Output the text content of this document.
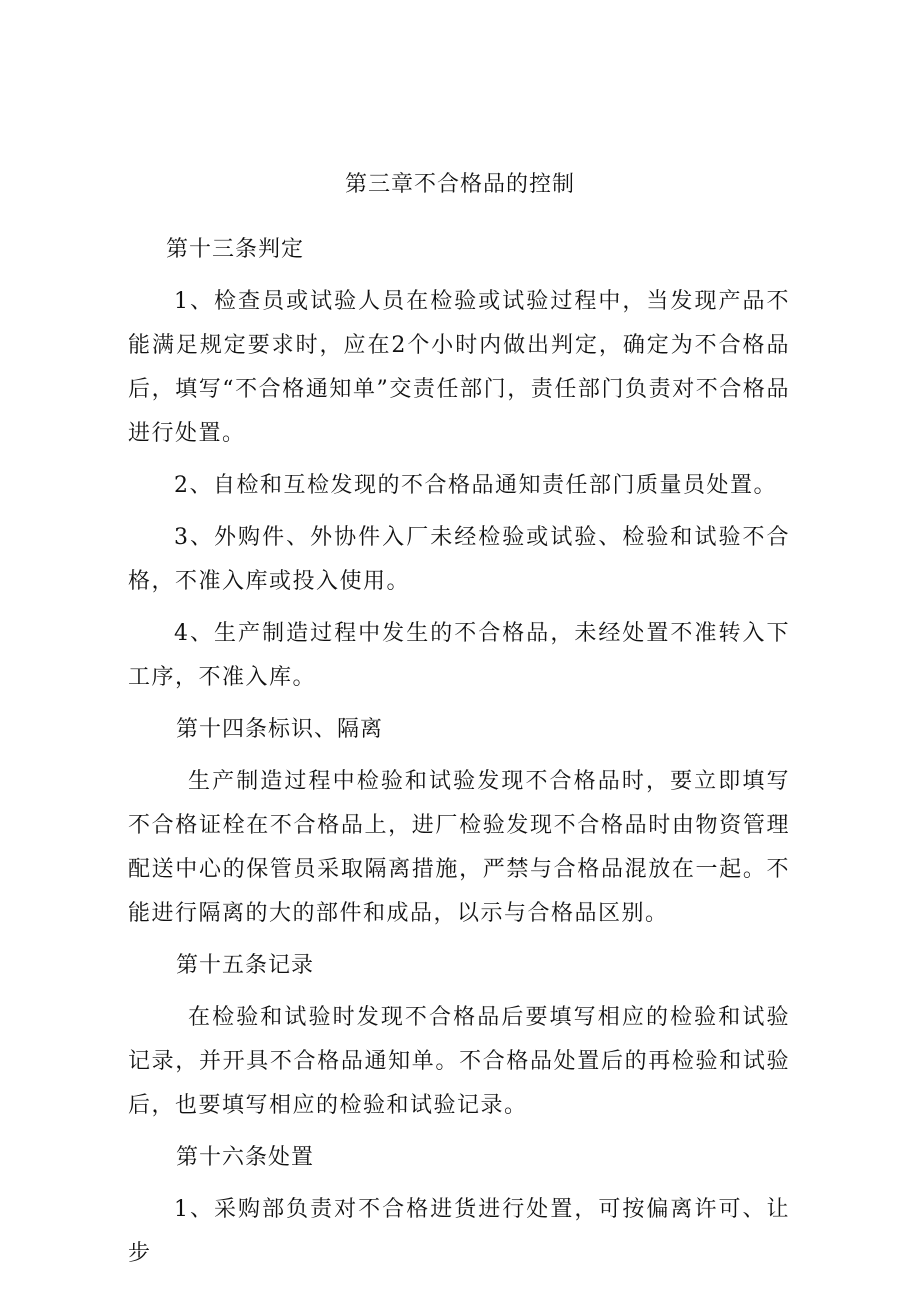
第三章不合格品的控制

第十三条判定

1、检查员或试验人员在检验或试验过程中，当发现产品不能满足规定要求时，应在2个小时内做出判定，确定为不合格品后，填写“不合格通知单”交责任部门，责任部门负责对不合格品进行处置。

2、自检和互检发现的不合格品通知责任部门质量员处置。

3、外购件、外协件入厂未经检验或试验、检验和试验不合格，不准入库或投入使用。

4、生产制造过程中发生的不合格品，未经处置不准转入下工序，不准入库。

第十四条标识、隔离

生产制造过程中检验和试验发现不合格品时，要立即填写不合格证栓在不合格品上，进厂检验发现不合格品时由物资管理配送中心的保管员采取隔离措施，严禁与合格品混放在一起。不能进行隔离的大的部件和成品，以示与合格品区别。

第十五条记录

在检验和试验时发现不合格品后要填写相应的检验和试验记录，并开具不合格品通知单。不合格品处置后的再检验和试验后，也要填写相应的检验和试验记录。

第十六条处置

1、采购部负责对不合格进货进行处置，可按偏离许可、让步
